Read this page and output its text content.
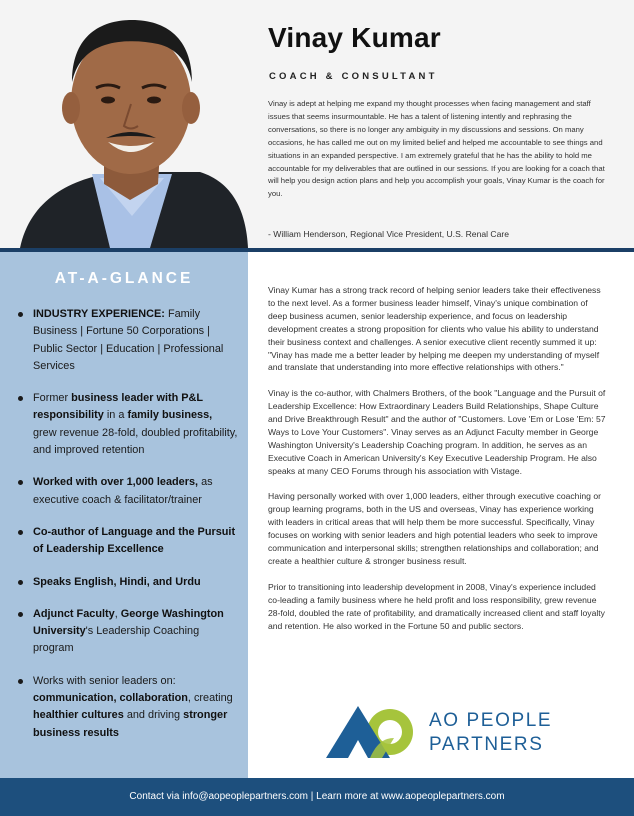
Vinay Kumar
COACH & CONSULTANT

Vinay is adept at helping me expand my thought processes when facing management and staff issues that seems insurmountable. He has a talent of listening intently and rephrasing the conversations, so there is no longer any ambiguity in my discussions and sessions. On many occasions, he has called me out on my limited belief and helped me accountable to see things and situations in an expanded perspective. I am extremely grateful that he has the ability to hold me accountable for my deliverables that are outlined in our sessions. If you are looking for a coach that will help you design action plans and help you accomplish your goals, Vinay Kumar is the coach for you.

- William Henderson, Regional Vice President, U.S. Renal Care
AT-A-GLANCE
INDUSTRY EXPERIENCE: Family Business | Fortune 50 Corporations | Public Sector | Education | Professional Services
Former business leader with P&L responsibility in a family business, grew revenue 28-fold, doubled profitability, and improved retention
Worked with over 1,000 leaders, as executive coach & facilitator/trainer
Co-author of Language and the Pursuit of Leadership Excellence
Speaks English, Hindi, and Urdu
Adjunct Faculty, George Washington University's Leadership Coaching program
Works with senior leaders on: communication, collaboration, creating healthier cultures and driving stronger business results

Vinay Kumar has a strong track record of helping senior leaders take their effectiveness to the next level. As a former business leader himself, Vinay's unique combination of deep business acumen, senior leadership experience, and focus on leadership development creates a strong proposition for clients who value his ability to understand their business context and challenges. A senior executive client recently summed it up: "Vinay has made me a better leader by helping me deepen my understanding of myself and translate that understanding into more effective relationships with others."

Vinay is the co-author, with Chalmers Brothers, of the book "Language and the Pursuit of Leadership Excellence: How Extraordinary Leaders Build Relationships, Shape Culture and Drive Breakthrough Result" and the author of "Customers. Love 'Em or Lose 'Em: 57 Ways to Love Your Customers". Vinay serves as an Adjunct Faculty member in George Washington University's Leadership Coaching program. In addition, he serves as an Executive Coach in American University's Key Executive Leadership Program. He also speaks at many CEO Forums through his association with Vistage.

Having personally worked with over 1,000 leaders, either through executive coaching or group learning programs, both in the US and overseas, Vinay has experience working with leaders in critical areas that will help them be more successful. Specifically, Vinay focuses on working with senior leaders and high potential leaders who seek to improve communication and interpersonal skills; strengthen relationships and collaboration; and create a healthier culture & stronger business result.

Prior to transitioning into leadership development in 2008, Vinay's experience included co-leading a family business where he held profit and loss responsibility, grew revenue 28-fold, doubled the rate of profitability, and dramatically increased client and staff loyalty and retention. He also worked in the Fortune 50 and public sectors.

AO PEOPLE
PARTNERS
Contact via info@aopeoplepartners.com | Learn more at www.aopeoplepartners.com
